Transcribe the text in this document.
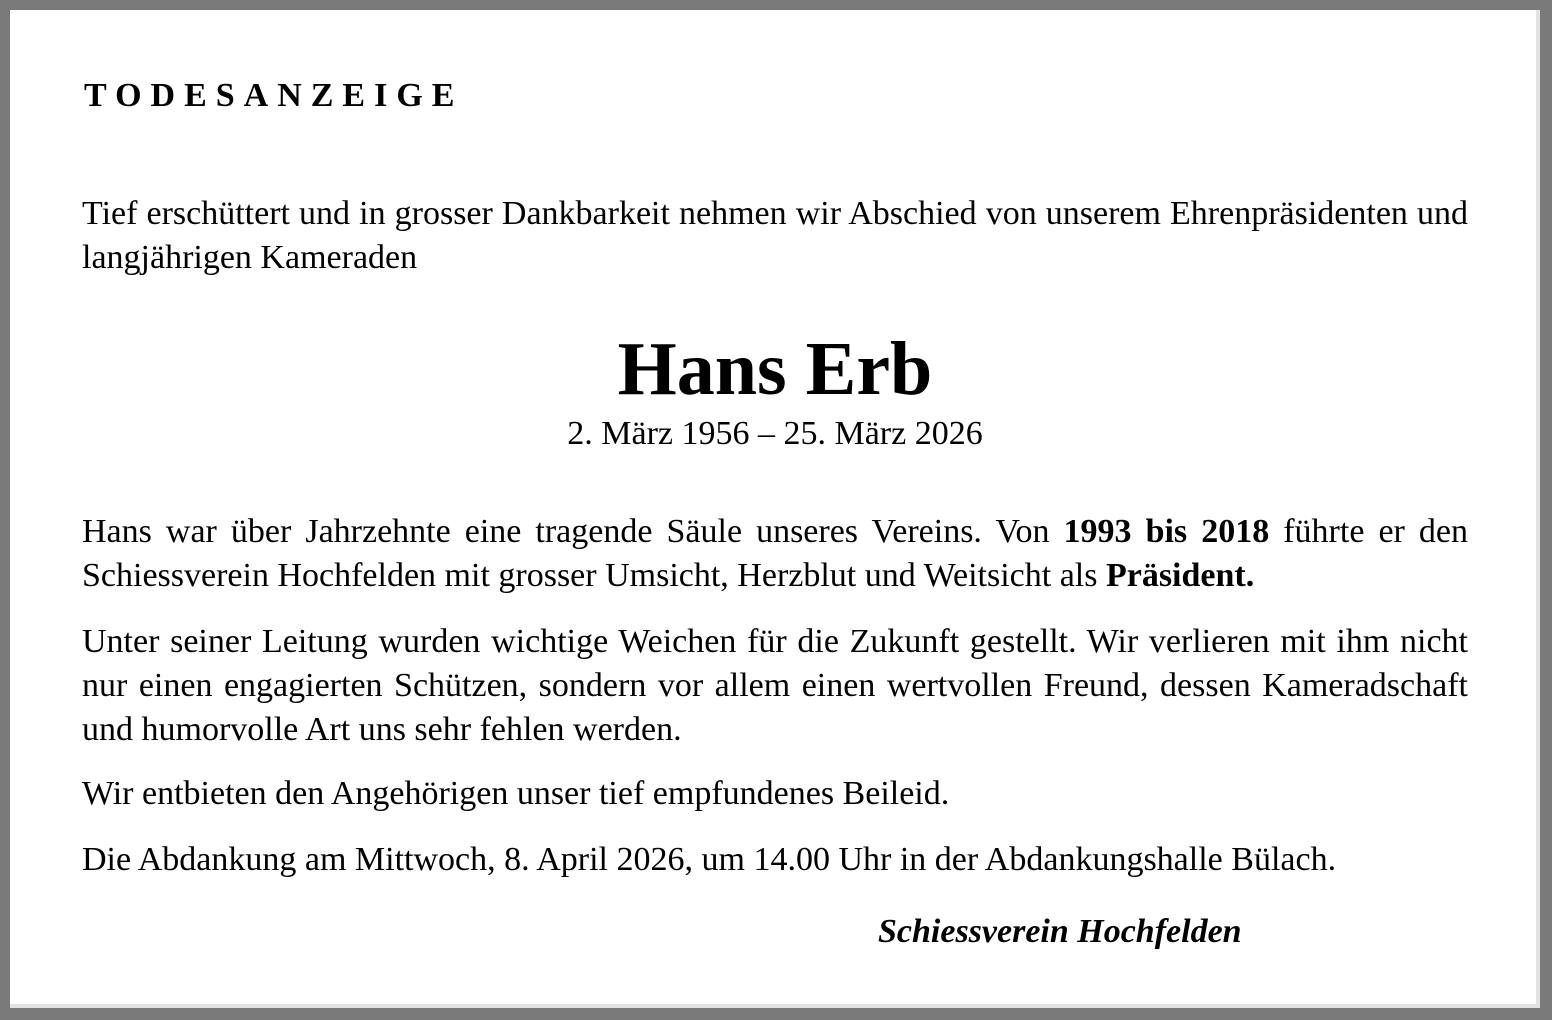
TODESANZEIGE

Tief erschüttert und in grosser Dankbarkeit nehmen wir Abschied von unserem Ehrenpräsidenten und langjährigen Kameraden

Hans Erb

2. März 1956 – 25. März 2026

Hans war über Jahrzehnte eine tragende Säule unseres Vereins. Von 1993 bis 2018 führte er den Schiessverein Hochfelden mit grosser Umsicht, Herzblut und Weitsicht als Präsident.

Unter seiner Leitung wurden wichtige Weichen für die Zukunft gestellt. Wir verlieren mit ihm nicht nur einen engagierten Schützen, sondern vor allem einen wertvollen Freund, dessen Kameradschaft und humorvolle Art uns sehr fehlen werden.

Wir entbieten den Angehörigen unser tief empfundenes Beileid.

Die Abdankung am Mittwoch, 8. April 2026, um 14.00 Uhr in der Abdankungshalle Bülach.

Schiessverein Hochfelden
